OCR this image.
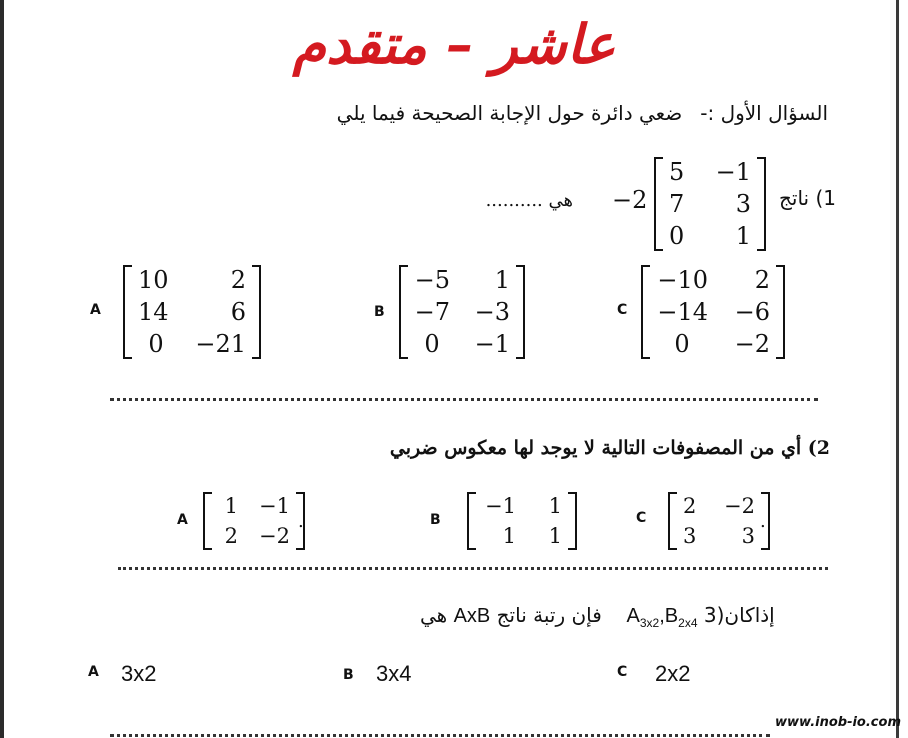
عاشر – متقدم
السؤال الأول :-ضعي دائرة حول الإجابة الصحيحة فيما يلي
1) ناتج
5	−1
7	3
0	1
−2
هي ..........
A
10	2
14	6
0	−21
B
−5	1
−7 −3
0	−1
C
−10	2
−14	−6
0	−2
2) أي من المصفوفات التالية لا يوجد لها معكوس ضربي
A
1 −1
2 −2
.	B
−1	1
1	1
C 2	−2
3	3
.
هي AxB فإن رتبة ناتج $A_{3x2},B_{2x4}$ 3)إذاكان
A 3x2	B 3x4	C 2x2
www.inob-io.com
